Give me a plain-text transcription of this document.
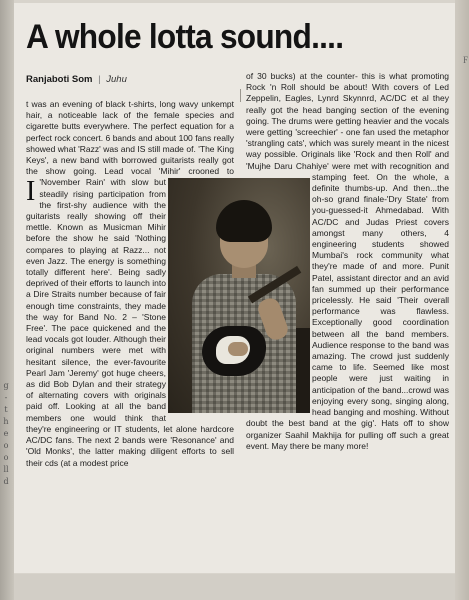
g
-
t
h
e
o
o
ll
d
F
A whole lotta sound....
Ranjaboti Som | Juhu

I
t was an evening of black t-shirts, long wavy unkempt hair, a noticeable lack of the female species and cigarette butts everywhere. The perfect equation for a perfect rock concert. 6 bands and about 100 fans really showed what 'Razz' was and IS still made of. 'The King Keys', a new band with borrowed guitarists really got the show going. Lead vocal 'Mihir' crooned to 'November Rain' with slow but steadily rising participation from the first-shy audience with the guitarists really showing off their mettle. Known as Musicman Mihir before the show he said 'Nothing compares to playing at Razz... not even Jazz. The energy is something totally different here'. Being sadly deprived of their efforts to launch into a Dire Straits number because of fair enough time constraints, they made the way for Band No. 2 – 'Stone Free'. The pace quickened and the lead vocals got louder. Although their original numbers were met with hesitant silence, the ever-favourite Pearl Jam 'Jeremy' got huge cheers, as did Bob Dylan and their strategy of alternating covers with originals paid off. Looking at all the band members one would think that they're engineering or IT students, let alone hardcore AC/DC fans. The next 2 bands were 'Resonance' and 'Old Monks', the latter making diligent efforts to sell their cds (at a modest price

of 30 bucks) at the counter- this is what promoting Rock 'n Roll should be about! With covers of Led Zeppelin, Eagles, Lynrd Skynnrd, AC/DC et al they really got the head banging section of the evening going. The drums were getting heavier and the vocals were getting 'screechier' - one fan used the metaphor 'strangling cats', which was surely meant in the nicest way possible. Originals like 'Rock and then Roll' and 'Mujhe Daru Chahiye' were met with recognition and stamping feet. On the whole, a definite thumbs-up. And then...the oh-so grand finale-'Dry State' from you-guessed-it Ahmedabad. With AC/DC and Judas Priest covers amongst many others, 4 engineering students showed Mumbai's rock community what they're made of and more. Punit Patel, assistant director and an avid fan summed up their performance pricelessly. He said 'Their overall performance was flawless. Exceptionally good coordination between all the band members. Audience response to the band was amazing. The crowd just suddenly came to life. Seemed like most people were just waiting in anticipation of the band...crowd was enjoying every song, singing along, head banging and moshing. Without doubt the best band at the gig'. Hats off to show organizer Saahil Makhija for pulling off such a great event. May there be many more!
